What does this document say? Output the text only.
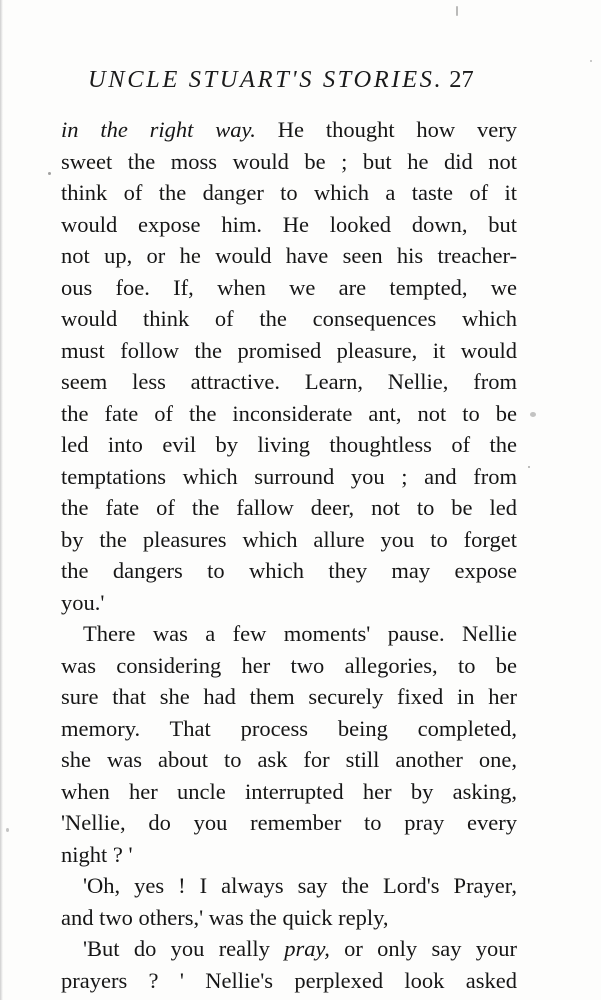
UNCLE STUART'S STORIES. 27
in the right way. He thought how very
sweet the moss would be ; but he did not
think of the danger to which a taste of it
would expose him. He looked down, but
not up, or he would have seen his treacher-
ous foe. If, when we are tempted, we
would think of the consequences which
must follow the promised pleasure, it would
seem less attractive. Learn, Nellie, from
the fate of the inconsiderate ant, not to be
led into evil by living thoughtless of the
temptations which surround you ; and from
the fate of the fallow deer, not to be led
by the pleasures which allure you to forget
the dangers to which they may expose
you.'
There was a few moments' pause. Nellie
was considering her two allegories, to be
sure that she had them securely fixed in her
memory. That process being completed,
she was about to ask for still another one,
when her uncle interrupted her by asking,
'Nellie, do you remember to pray every
night ? '
'Oh, yes ! I always say the Lord's Prayer,
and two others,' was the quick reply,
'But do you really pray, or only say your
prayers ? ' Nellie's perplexed look asked
